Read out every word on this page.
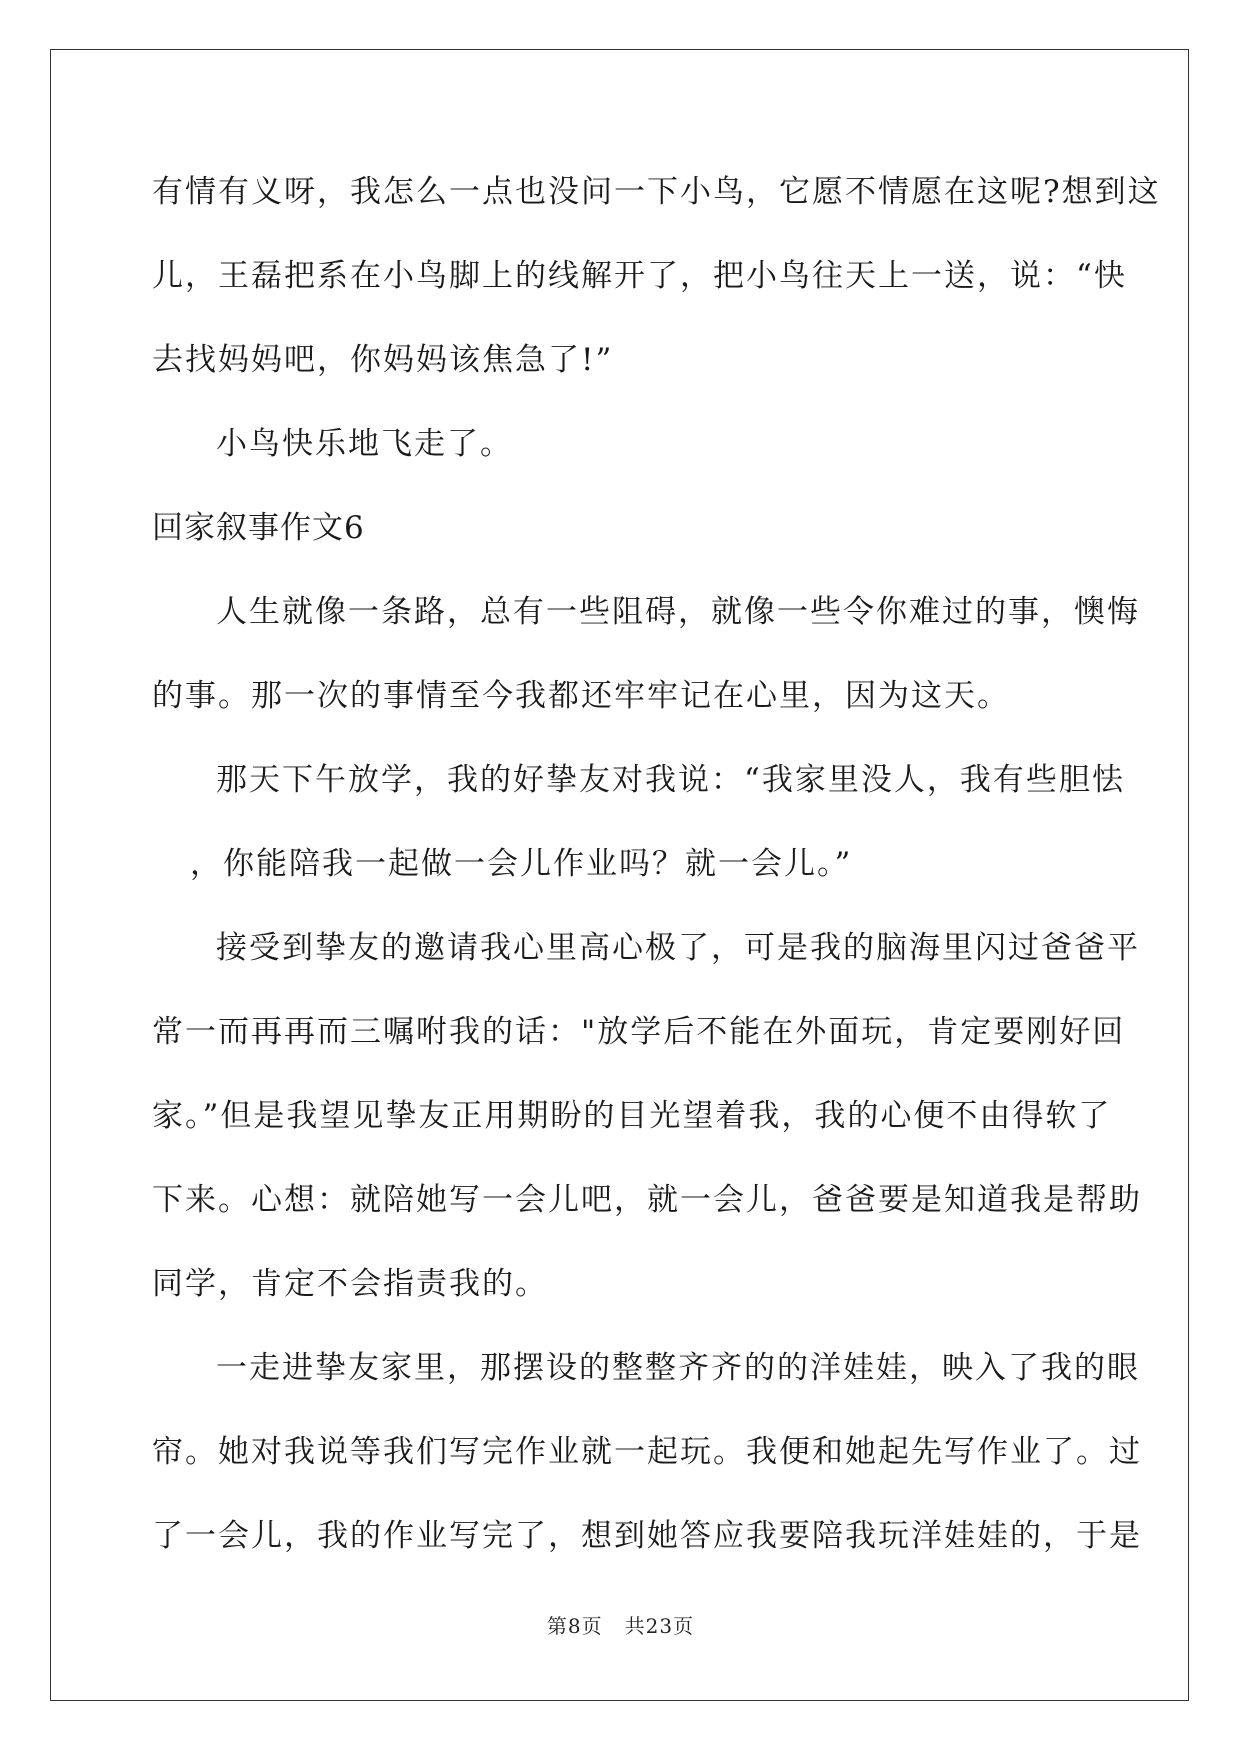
有情有义呀，我怎么一点也没问一下小鸟，它愿不情愿在这呢?想到这
儿，王磊把系在小鸟脚上的线解开了，把小鸟往天上一送，说：“快
去找妈妈吧，你妈妈该焦急了!”
小鸟快乐地飞走了。
回家叙事作文6
人生就像一条路，总有一些阻碍，就像一些令你难过的事，懊悔
的事。那一次的事情至今我都还牢牢记在心里，因为这天。
那天下午放学，我的好挚友对我说：“我家里没人，我有些胆怯
，你能陪我一起做一会儿作业吗？就一会儿。”
接受到挚友的邀请我心里高心极了，可是我的脑海里闪过爸爸平
常一而再再而三嘱咐我的话："放学后不能在外面玩，肯定要刚好回
家。”但是我望见挚友正用期盼的目光望着我，我的心便不由得软了
下来。心想：就陪她写一会儿吧，就一会儿，爸爸要是知道我是帮助
同学，肯定不会指责我的。
一走进挚友家里，那摆设的整整齐齐的的洋娃娃，映入了我的眼
帘。她对我说等我们写完作业就一起玩。我便和她起先写作业了。过
了一会儿，我的作业写完了，想到她答应我要陪我玩洋娃娃的，于是
第8页 共23页
